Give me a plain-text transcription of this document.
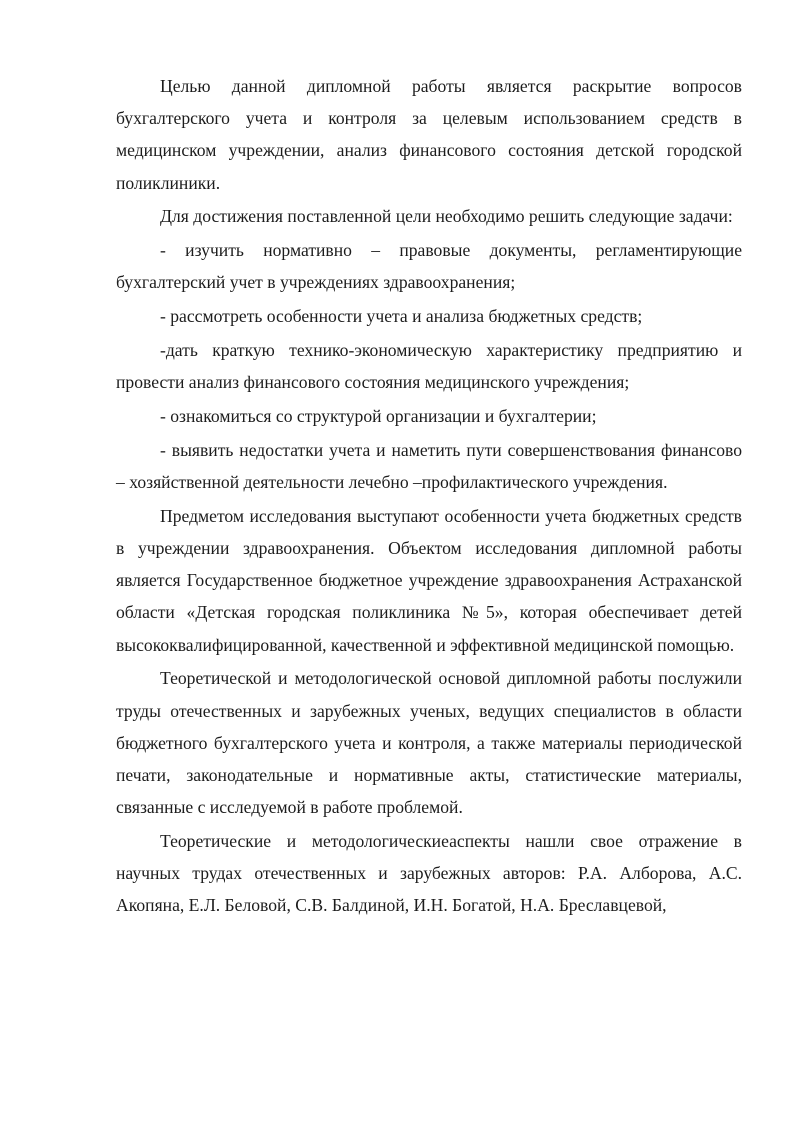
Целью данной дипломной работы является раскрытие вопросов бухгалтерского учета и контроля за целевым использованием средств в медицинском учреждении, анализ финансового состояния детской городской поликлиники.

Для достижения поставленной цели необходимо решить следующие задачи:

- изучить нормативно – правовые документы, регламентирующие бухгалтерский учет в учреждениях здравоохранения;

- рассмотреть особенности учета и анализа бюджетных средств;

-дать краткую технико-экономическую характеристику предприятию и провести анализ финансового состояния медицинского учреждения;

- ознакомиться со структурой организации и бухгалтерии;

- выявить недостатки учета и наметить пути совершенствования финансово – хозяйственной деятельности лечебно –профилактического учреждения.

Предметом исследования выступают особенности учета бюджетных средств в учреждении здравоохранения. Объектом исследования дипломной работы является Государственное бюджетное учреждение здравоохранения Астраханской области «Детская городская поликлиника №5», которая обеспечивает детей высококвалифицированной, качественной и эффективной медицинской помощью.

Теоретической и методологической основой дипломной работы послужили труды отечественных и зарубежных ученых, ведущих специалистов в области бюджетного бухгалтерского учета и контроля, а также материалы периодической печати, законодательные и нормативные акты, статистические материалы, связанные с исследуемой в работе проблемой.

Теоретические и методологическиеаспекты нашли свое отражение в научных трудах отечественных и зарубежных авторов: Р.А. Алборова, А.С. Акопяна, Е.Л. Беловой, С.В. Балдиной, И.Н. Богатой, Н.А. Бреславцевой,
